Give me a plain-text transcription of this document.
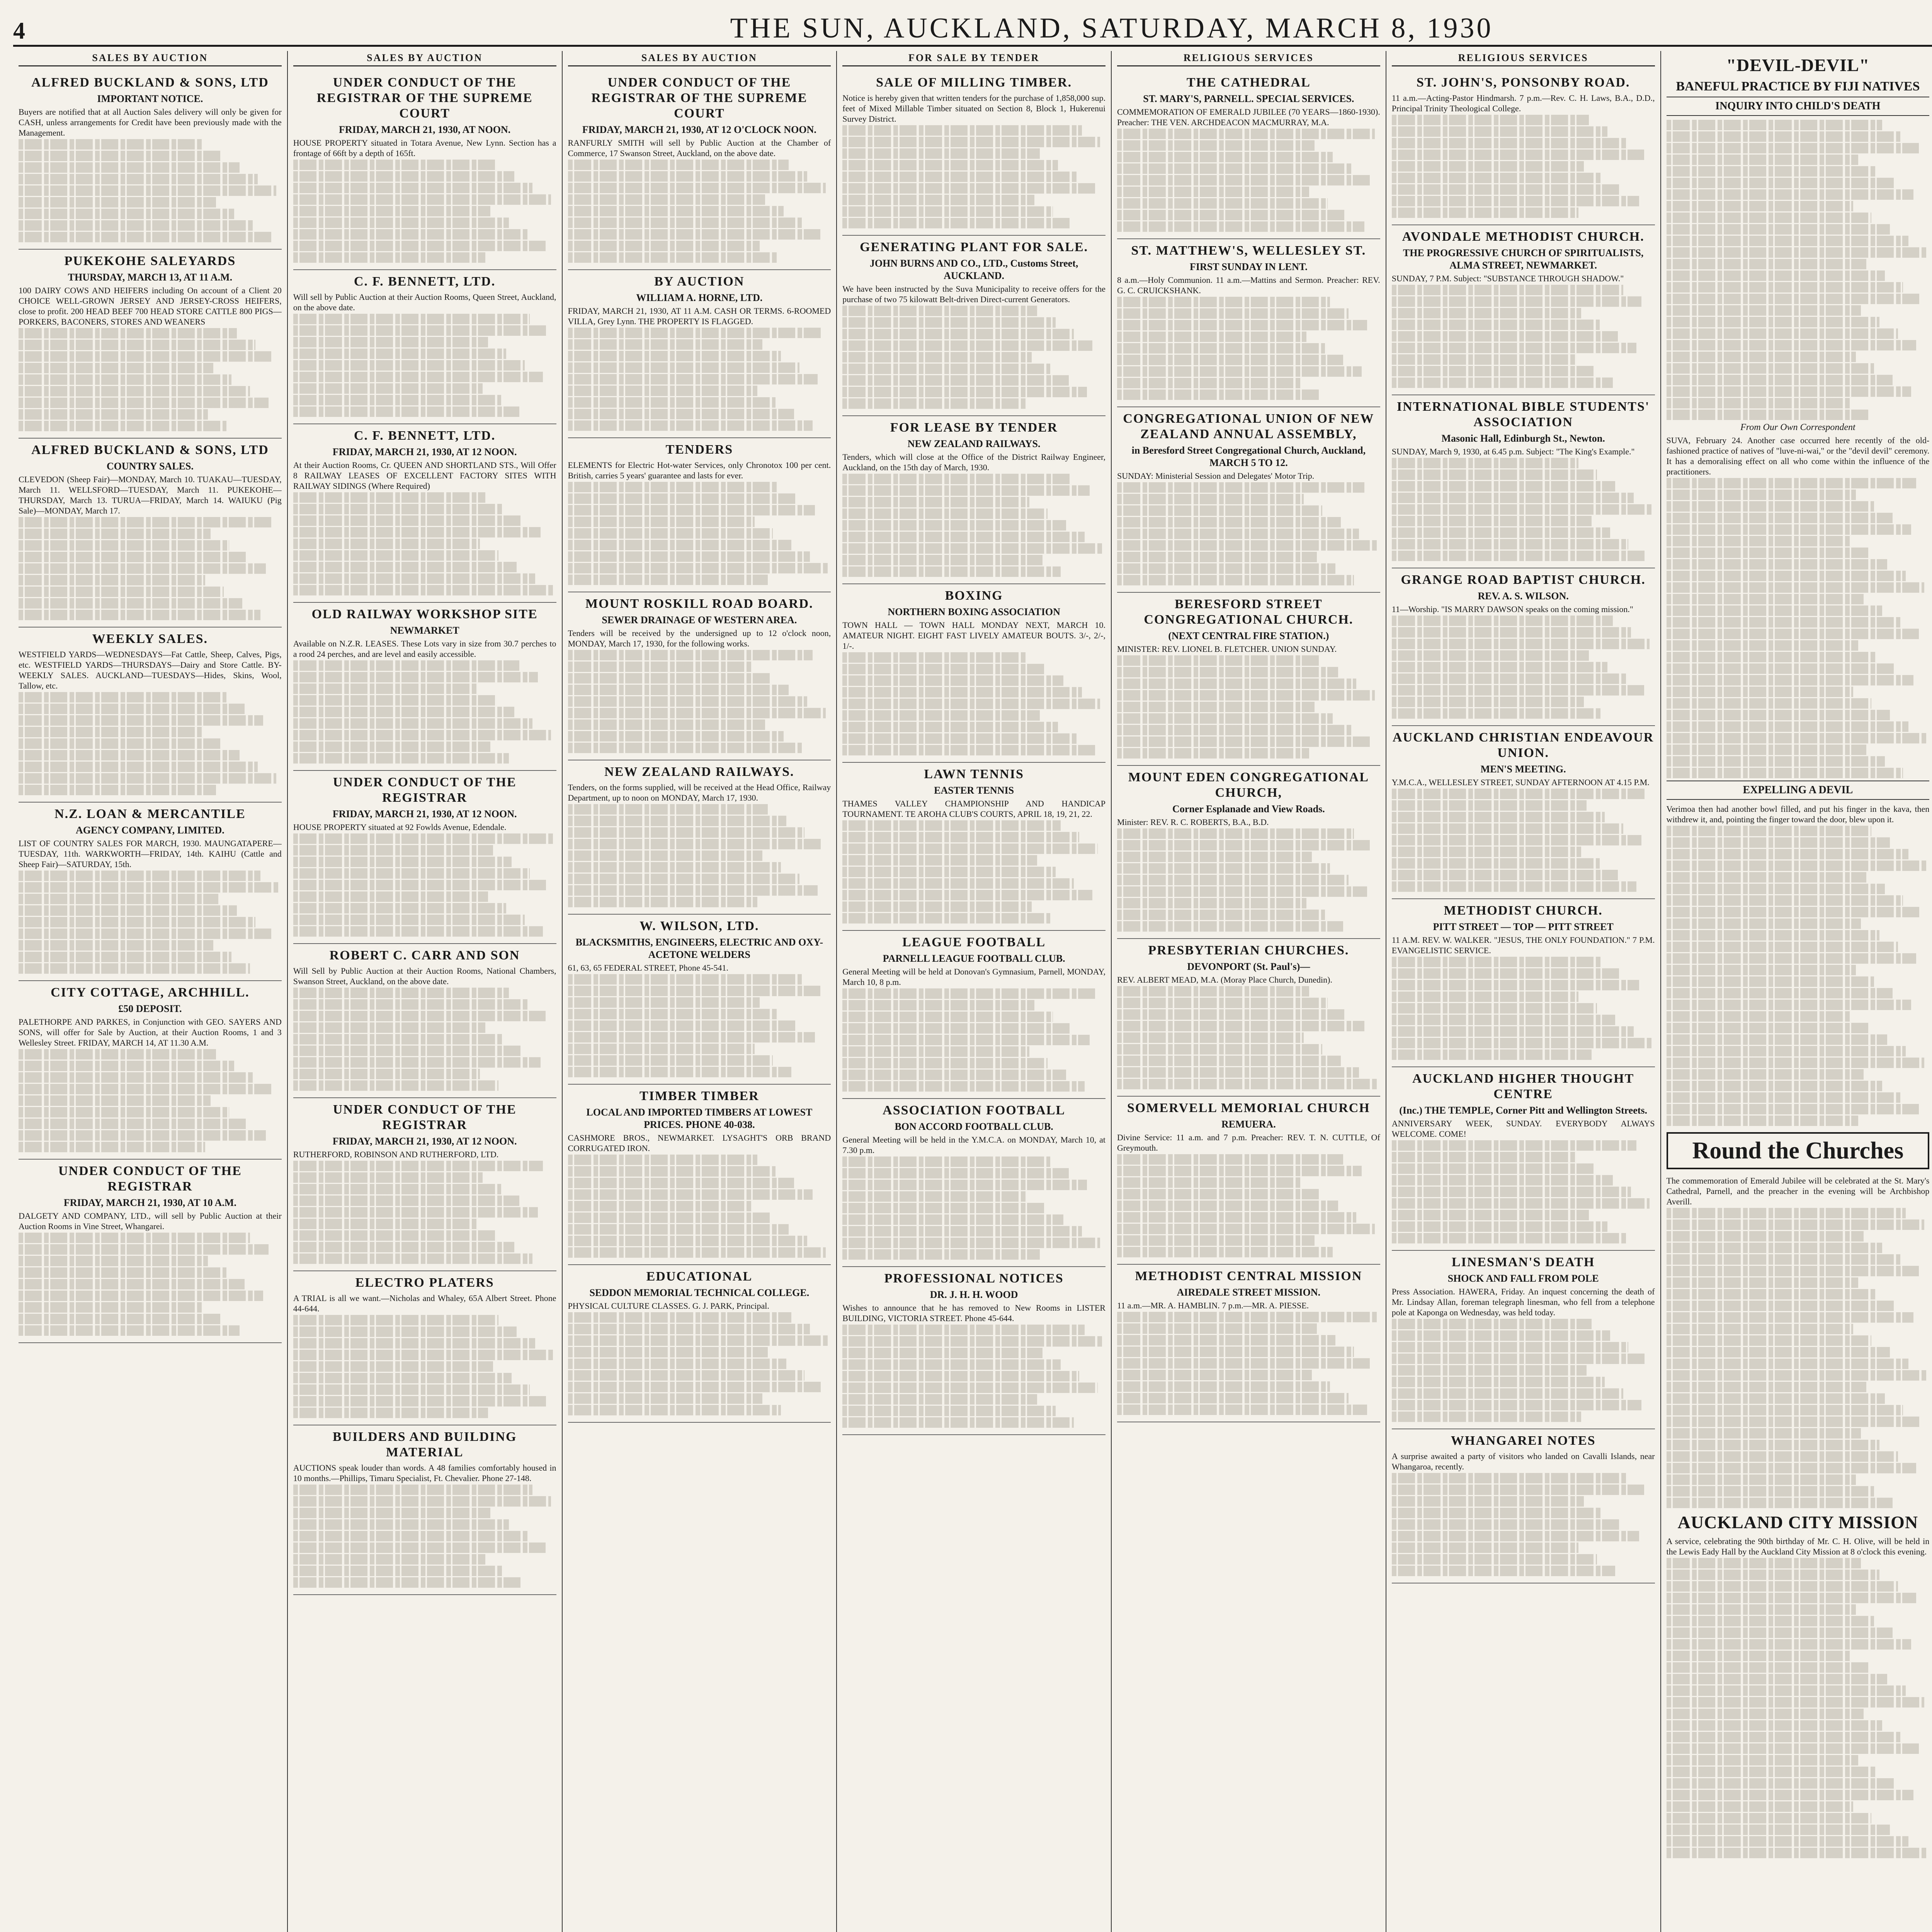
4	THE SUN, AUCKLAND, SATURDAY, MARCH 8, 1930
SALES BY AUCTION
ALFRED BUCKLAND & SONS, LTD
IMPORTANT NOTICE.
Buyers are notified that at all Auction Sales delivery will only be given for CASH, unless arrangements for Credit have been previously made with the Management.
PUKEKOHE SALEYARDS
THURSDAY, MARCH 13, AT 11 A.M.
100 DAIRY COWS AND HEIFERS including On account of a Client 20 CHOICE WELL-GROWN JERSEY AND JERSEY-CROSS HEIFERS, close to profit. 200 HEAD BEEF 700 HEAD STORE CATTLE 800 PIGS—PORKERS, BACONERS, STORES AND WEANERS
ALFRED BUCKLAND & SONS, LTD
COUNTRY SALES.
CLEVEDON (Sheep Fair)—MONDAY, March 10. TUAKAU—TUESDAY, March 11. WELLSFORD—TUESDAY, March 11. PUKEKOHE—THURSDAY, March 13. TURUA—FRIDAY, March 14. WAIUKU (Pig Sale)—MONDAY, March 17.
WEEKLY SALES.
WESTFIELD YARDS—WEDNESDAYS—Fat Cattle, Sheep, Calves, Pigs, etc. WESTFIELD YARDS—THURSDAYS—Dairy and Store Cattle. BY-WEEKLY SALES. AUCKLAND—TUESDAYS—Hides, Skins, Wool, Tallow, etc.
N.Z. LOAN & MERCANTILE
AGENCY COMPANY, LIMITED.
LIST OF COUNTRY SALES FOR MARCH, 1930. MAUNGATAPERE—TUESDAY, 11th. WARKWORTH—FRIDAY, 14th. KAIHU (Cattle and Sheep Fair)—SATURDAY, 15th.
CITY COTTAGE, ARCHHILL.
£50 DEPOSIT.
PALETHORPE AND PARKES, in Conjunction with GEO. SAYERS AND SONS, will offer for Sale by Auction, at their Auction Rooms, 1 and 3 Wellesley Street. FRIDAY, MARCH 14, AT 11.30 A.M.
UNDER CONDUCT OF THE REGISTRAR
FRIDAY, MARCH 21, 1930, AT 10 A.M.
DALGETY AND COMPANY, LTD., will sell by Public Auction at their Auction Rooms in Vine Street, Whangarei.
SALES BY AUCTION
UNDER CONDUCT OF THE REGISTRAR OF THE SUPREME COURT
FRIDAY, MARCH 21, 1930, AT NOON.
HOUSE PROPERTY situated in Totara Avenue, New Lynn. Section has a frontage of 66ft by a depth of 165ft.
C. F. BENNETT, LTD.
Will sell by Public Auction at their Auction Rooms, Queen Street, Auckland, on the above date.
C. F. BENNETT, LTD.
FRIDAY, MARCH 21, 1930, AT 12 NOON.
At their Auction Rooms, Cr. QUEEN AND SHORTLAND STS., Will Offer 8 RAILWAY LEASES OF EXCELLENT FACTORY SITES WITH RAILWAY SIDINGS (Where Required)
OLD RAILWAY WORKSHOP SITE
NEWMARKET
Available on N.Z.R. LEASES. These Lots vary in size from 30.7 perches to a rood 24 perches, and are level and easily accessible.
UNDER CONDUCT OF THE REGISTRAR
FRIDAY, MARCH 21, 1930, AT 12 NOON.
HOUSE PROPERTY situated at 92 Fowlds Avenue, Edendale.
ROBERT C. CARR AND SON
Will Sell by Public Auction at their Auction Rooms, National Chambers, Swanson Street, Auckland, on the above date.
UNDER CONDUCT OF THE REGISTRAR
FRIDAY, MARCH 21, 1930, AT 12 NOON.
RUTHERFORD, ROBINSON AND RUTHERFORD, LTD.
ELECTRO PLATERS
A TRIAL is all we want.—Nicholas and Whaley, 65A Albert Street. Phone 44-644.
BUILDERS AND BUILDING MATERIAL
AUCTIONS speak louder than words. A 48 families comfortably housed in 10 months.—Phillips, Timaru Specialist, Ft. Chevalier. Phone 27-148.
SALES BY AUCTION
UNDER CONDUCT OF THE REGISTRAR OF THE SUPREME COURT
FRIDAY, MARCH 21, 1930, AT 12 O'CLOCK NOON.
RANFURLY SMITH will sell by Public Auction at the Chamber of Commerce, 17 Swanson Street, Auckland, on the above date.
BY AUCTION
WILLIAM A. HORNE, LTD.
FRIDAY, MARCH 21, 1930, AT 11 A.M. CASH OR TERMS. 6-ROOMED VILLA, Grey Lynn. THE PROPERTY IS FLAGGED.
TENDERS
ELEMENTS for Electric Hot-water Services, only Chronotox 100 per cent. British, carries 5 years' guarantee and lasts for ever.
MOUNT ROSKILL ROAD BOARD.
SEWER DRAINAGE OF WESTERN AREA.
Tenders will be received by the undersigned up to 12 o'clock noon, MONDAY, March 17, 1930, for the following works.
NEW ZEALAND RAILWAYS.
Tenders, on the forms supplied, will be received at the Head Office, Railway Department, up to noon on MONDAY, March 17, 1930.
W. WILSON, LTD.
BLACKSMITHS, ENGINEERS, ELECTRIC AND OXY-ACETONE WELDERS
61, 63, 65 FEDERAL STREET, Phone 45-541.
TIMBER TIMBER
LOCAL AND IMPORTED TIMBERS AT LOWEST PRICES. PHONE 40-038.
CASHMORE BROS., NEWMARKET. LYSAGHT'S ORB BRAND CORRUGATED IRON.
EDUCATIONAL
SEDDON MEMORIAL TECHNICAL COLLEGE.
PHYSICAL CULTURE CLASSES. G. J. PARK, Principal.
FOR SALE BY TENDER
SALE OF MILLING TIMBER.
Notice is hereby given that written tenders for the purchase of 1,858,000 sup. feet of Mixed Millable Timber situated on Section 8, Block 1, Hukerenui Survey District.
GENERATING PLANT FOR SALE.
JOHN BURNS AND CO., LTD., Customs Street, AUCKLAND.
We have been instructed by the Suva Municipality to receive offers for the purchase of two 75 kilowatt Belt-driven Direct-current Generators.
FOR LEASE BY TENDER
NEW ZEALAND RAILWAYS.
Tenders, which will close at the Office of the District Railway Engineer, Auckland, on the 15th day of March, 1930.
BOXING
NORTHERN BOXING ASSOCIATION
TOWN HALL — TOWN HALL MONDAY NEXT, MARCH 10. AMATEUR NIGHT. EIGHT FAST LIVELY AMATEUR BOUTS. 3/-, 2/-, 1/-.
LAWN TENNIS
EASTER TENNIS
THAMES VALLEY CHAMPIONSHIP AND HANDICAP TOURNAMENT. TE AROHA CLUB'S COURTS, APRIL 18, 19, 21, 22.
LEAGUE FOOTBALL
PARNELL LEAGUE FOOTBALL CLUB.
General Meeting will be held at Donovan's Gymnasium, Parnell, MONDAY, March 10, 8 p.m.
ASSOCIATION FOOTBALL
BON ACCORD FOOTBALL CLUB.
General Meeting will be held in the Y.M.C.A. on MONDAY, March 10, at 7.30 p.m.
PROFESSIONAL NOTICES
DR. J. H. H. WOOD
Wishes to announce that he has removed to New Rooms in LISTER BUILDING, VICTORIA STREET. Phone 45-644.
RELIGIOUS SERVICES
THE CATHEDRAL
ST. MARY'S, PARNELL. SPECIAL SERVICES.
COMMEMORATION OF EMERALD JUBILEE (70 YEARS—1860-1930). Preacher: THE VEN. ARCHDEACON MACMURRAY, M.A.
ST. MATTHEW'S, WELLESLEY ST.
FIRST SUNDAY IN LENT.
8 a.m.—Holy Communion. 11 a.m.—Mattins and Sermon. Preacher: REV. G. C. CRUICKSHANK.
CONGREGATIONAL UNION OF NEW ZEALAND ANNUAL ASSEMBLY,
in Beresford Street Congregational Church, Auckland, MARCH 5 TO 12.
SUNDAY: Ministerial Session and Delegates' Motor Trip.
BERESFORD STREET CONGREGATIONAL CHURCH.
(NEXT CENTRAL FIRE STATION.)
MINISTER: REV. LIONEL B. FLETCHER. UNION SUNDAY.
MOUNT EDEN CONGREGATIONAL CHURCH,
Corner Esplanade and View Roads.
Minister: REV. R. C. ROBERTS, B.A., B.D.
PRESBYTERIAN CHURCHES.
DEVONPORT (St. Paul's)—
REV. ALBERT MEAD, M.A. (Moray Place Church, Dunedin).
SOMERVELL MEMORIAL CHURCH
REMUERA.
Divine Service: 11 a.m. and 7 p.m. Preacher: REV. T. N. CUTTLE, Of Greymouth.
METHODIST CENTRAL MISSION
AIREDALE STREET MISSION.
11 a.m.—MR. A. HAMBLIN. 7 p.m.—MR. A. PIESSE.
RELIGIOUS SERVICES
ST. JOHN'S, PONSONBY ROAD.
11 a.m.—Acting-Pastor Hindmarsh. 7 p.m.—Rev. C. H. Laws, B.A., D.D., Principal Trinity Theological College.
AVONDALE METHODIST CHURCH.
THE PROGRESSIVE CHURCH OF SPIRITUALISTS, ALMA STREET, NEWMARKET.
SUNDAY, 7 P.M. Subject: "SUBSTANCE THROUGH SHADOW."
INTERNATIONAL BIBLE STUDENTS' ASSOCIATION
Masonic Hall, Edinburgh St., Newton.
SUNDAY, March 9, 1930, at 6.45 p.m. Subject: "The King's Example."
GRANGE ROAD BAPTIST CHURCH.
REV. A. S. WILSON.
11—Worship. "IS MARRY DAWSON speaks on the coming mission."
AUCKLAND CHRISTIAN ENDEAVOUR UNION.
MEN'S MEETING.
Y.M.C.A., WELLESLEY STREET, SUNDAY AFTERNOON AT 4.15 P.M.
METHODIST CHURCH.
PITT STREET — TOP — PITT STREET
11 A.M. REV. W. WALKER. "JESUS, THE ONLY FOUNDATION." 7 P.M. EVANGELISTIC SERVICE.
AUCKLAND HIGHER THOUGHT CENTRE
(Inc.) THE TEMPLE, Corner Pitt and Wellington Streets.
ANNIVERSARY WEEK, SUNDAY. EVERYBODY ALWAYS WELCOME. COME!
LINESMAN'S DEATH
SHOCK AND FALL FROM POLE
Press Association. HAWERA, Friday. An inquest concerning the death of Mr. Lindsay Allan, foreman telegraph linesman, who fell from a telephone pole at Kaponga on Wednesday, was held today.
WHANGAREI NOTES
A surprise awaited a party of visitors who landed on Cavalli Islands, near Whangaroa, recently.
"DEVIL-DEVIL"
BANEFUL PRACTICE BY FIJI NATIVES
INQUIRY INTO CHILD'S DEATH
From Our Own Correspondent
SUVA, February 24. Another case occurred here recently of the old-fashioned practice of natives of "luve-ni-wai," or the "devil devil" ceremony. It has a demoralising effect on all who come within the influence of the practitioners.
EXPELLING A DEVIL
Verimoa then had another bowl filled, and put his finger in the kava, then withdrew it, and, pointing the finger toward the door, blew upon it.
Round the Churches
The commemoration of Emerald Jubilee will be celebrated at the St. Mary's Cathedral, Parnell, and the preacher in the evening will be Archbishop Averill.
AUCKLAND CITY MISSION
A service, celebrating the 90th birthday of Mr. C. H. Olive, will be held in the Lewis Eady Hall by the Auckland City Mission at 8 o'clock this evening.
